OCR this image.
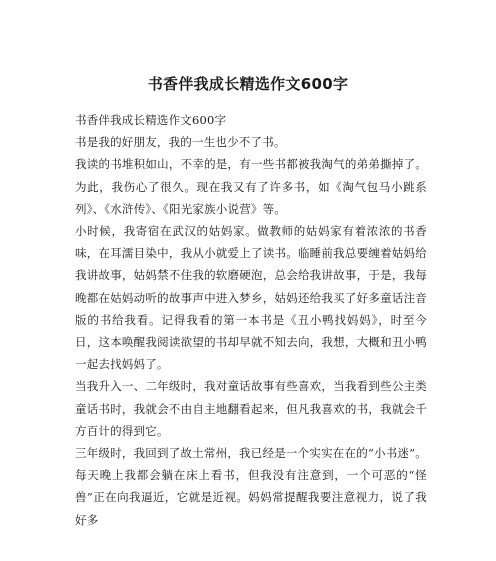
书香伴我成长精选作文600字

书香伴我成长精选作文600字

书是我的好朋友，我的一生也少不了书。

我读的书堆积如山，不幸的是，有一些书都被我淘气的弟弟撕掉了。为此，我伤心了很久。现在我又有了许多书，如《淘气包马小跳系列》、《水浒传》、《阳光家族小说营》等。

小时候，我寄宿在武汉的姑妈家。做教师的姑妈家有着浓浓的书香味，在耳濡目染中，我从小就爱上了读书。临睡前我总要缠着姑妈给我讲故事，姑妈禁不住我的软磨硬泡，总会给我讲故事，于是，我每晚都在姑妈动听的故事声中进入梦乡，姑妈还给我买了好多童话注音版的书给我看。记得我看的第一本书是《丑小鸭找妈妈》，时至今日，这本唤醒我阅读欲望的书却早就不知去向，我想，大概和丑小鸭一起去找妈妈了。

当我升入一、二年级时，我对童话故事有些喜欢，当我看到些公主类童话书时，我就会不由自主地翻看起来，但凡我喜欢的书，我就会千方百计的得到它。

三年级时，我回到了故土常州，我已经是一个实实在在的“小书迷”。每天晚上我都会躺在床上看书，但我没有注意到，一个可恶的“怪兽”正在向我逼近，它就是近视。妈妈常提醒我要注意视力，说了我好多
